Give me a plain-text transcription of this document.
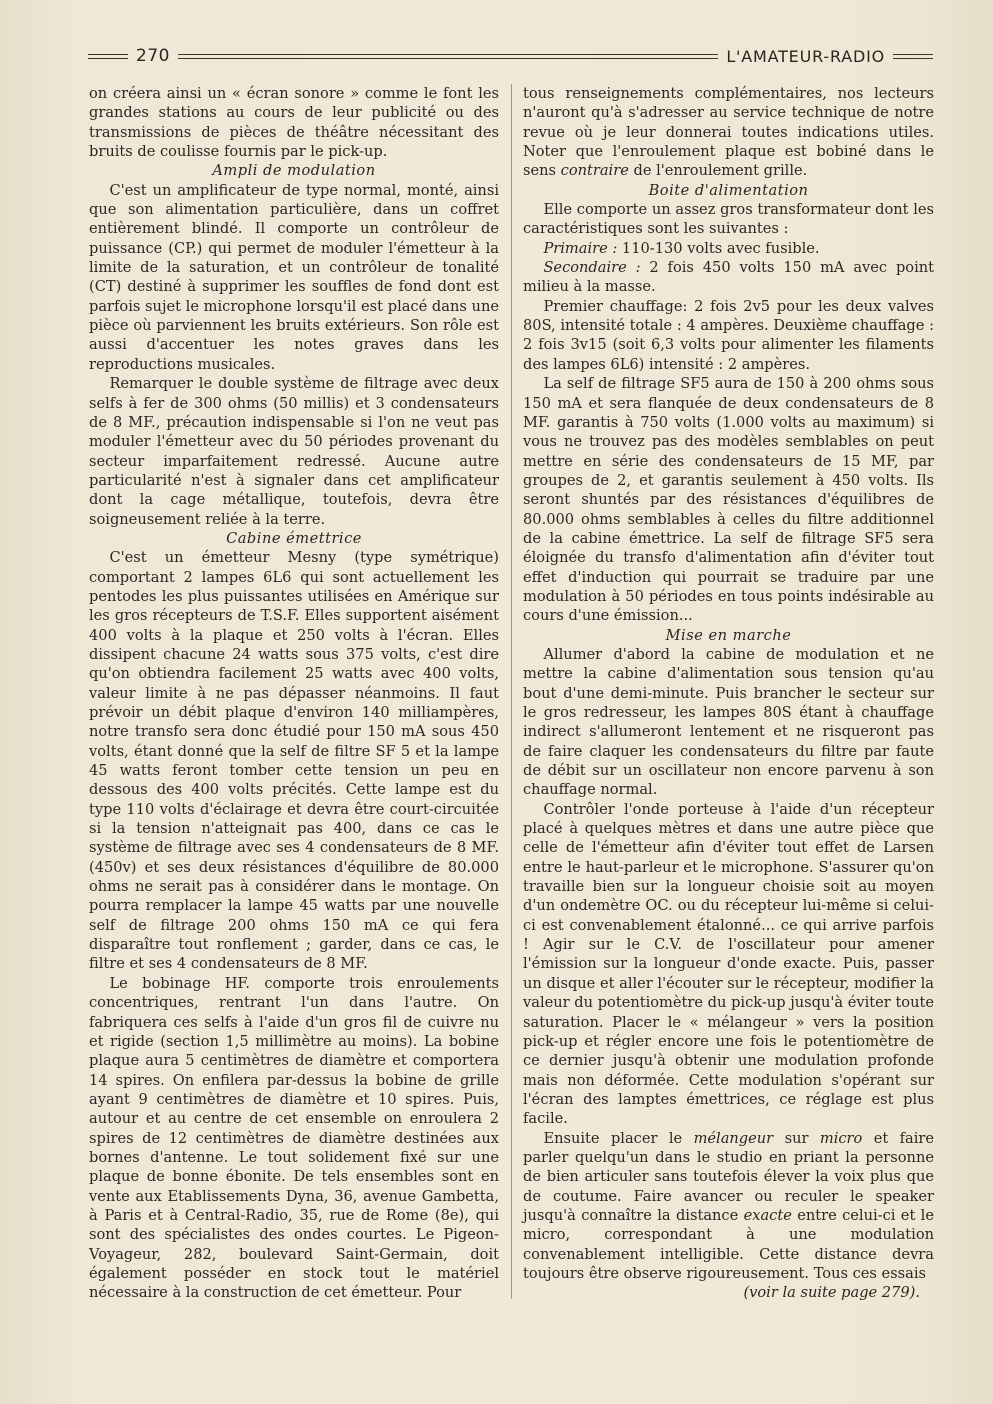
270	L'AMATEUR-RADIO

on créera ainsi un « écran sonore » comme le font les grandes stations au cours de leur publicité ou des transmissions de pièces de théâtre nécessitant des bruits de coulisse fournis par le pick-up.

Ampli de modulation

C'est un amplificateur de type normal, monté, ainsi que son alimentation particulière, dans un coffret entièrement blindé. Il comporte un contrôleur de puissance (CP.) qui permet de moduler l'émetteur à la limite de la saturation, et un contrôleur de tonalité (CT) destiné à supprimer les souffles de fond dont est parfois sujet le microphone lorsqu'il est placé dans une pièce où parviennent les bruits extérieurs. Son rôle est aussi d'accentuer les notes graves dans les reproductions musicales.

Remarquer le double système de filtrage avec deux selfs à fer de 300 ohms (50 millis) et 3 condensateurs de 8 MF., précaution indispensable si l'on ne veut pas moduler l'émetteur avec du 50 périodes provenant du secteur imparfaitement redressé. Aucune autre particularité n'est à signaler dans cet amplificateur dont la cage métallique, toutefois, devra être soigneusement reliée à la terre.

Cabine émettrice

C'est un émetteur Mesny (type symétrique) comportant 2 lampes 6L6 qui sont actuellement les pentodes les plus puissantes utilisées en Amérique sur les gros récepteurs de T.S.F. Elles supportent aisément 400 volts à la plaque et 250 volts à l'écran. Elles dissipent chacune 24 watts sous 375 volts, c'est dire qu'on obtiendra facilement 25 watts avec 400 volts, valeur limite à ne pas dépasser néanmoins. Il faut prévoir un débit plaque d'environ 140 milliampères, notre transfo sera donc étudié pour 150 mA sous 450 volts, étant donné que la self de filtre SF 5 et la lampe 45 watts feront tomber cette tension un peu en dessous des 400 volts précités. Cette lampe est du type 110 volts d'éclairage et devra être court-circuitée si la tension n'atteignait pas 400, dans ce cas le système de filtrage avec ses 4 condensateurs de 8 MF. (450v) et ses deux résistances d'équilibre de 80.000 ohms ne serait pas à considérer dans le montage. On pourra remplacer la lampe 45 watts par une nouvelle self de filtrage 200 ohms 150 mA ce qui fera disparaître tout ronflement ; garder, dans ce cas, le filtre et ses 4 condensateurs de 8 MF.

Le bobinage HF. comporte trois enroulements concentriques, rentrant l'un dans l'autre. On fabriquera ces selfs à l'aide d'un gros fil de cuivre nu et rigide (section 1,5 millimètre au moins). La bobine plaque aura 5 centimètres de diamètre et comportera 14 spires. On enfilera par-dessus la bobine de grille ayant 9 centimètres de diamètre et 10 spires. Puis, autour et au centre de cet ensemble on enroulera 2 spires de 12 centimètres de diamètre destinées aux bornes d'antenne. Le tout solidement fixé sur une plaque de bonne ébonite. De tels ensembles sont en vente aux Etablissements Dyna, 36, avenue Gambetta, à Paris et à Central-Radio, 35, rue de Rome (8e), qui sont des spécialistes des ondes courtes. Le Pigeon-Voyageur, 282, boulevard Saint-Germain, doit également posséder en stock tout le matériel nécessaire à la construction de cet émetteur. Pour

tous renseignements complémentaires, nos lecteurs n'auront qu'à s'adresser au service technique de notre revue où je leur donnerai toutes indications utiles. Noter que l'enroulement plaque est bobiné dans le sens contraire de l'enroulement grille.

Boite d'alimentation

Elle comporte un assez gros transformateur dont les caractéristiques sont les suivantes :

Primaire : 110-130 volts avec fusible.

Secondaire : 2 fois 450 volts 150 mA avec point milieu à la masse.

Premier chauffage: 2 fois 2v5 pour les deux valves 80S, intensité totale : 4 ampères. Deuxième chauffage : 2 fois 3v15 (soit 6,3 volts pour alimenter les filaments des lampes 6L6) intensité : 2 ampères.

La self de filtrage SF5 aura de 150 à 200 ohms sous 150 mA et sera flanquée de deux condensateurs de 8 MF. garantis à 750 volts (1.000 volts au maximum) si vous ne trouvez pas des modèles semblables on peut mettre en série des condensateurs de 15 MF, par groupes de 2, et garantis seulement à 450 volts. Ils seront shuntés par des résistances d'équilibres de 80.000 ohms semblables à celles du filtre additionnel de la cabine émettrice. La self de filtrage SF5 sera éloignée du transfo d'alimentation afin d'éviter tout effet d'induction qui pourrait se traduire par une modulation à 50 périodes en tous points indésirable au cours d'une émission...

Mise en marche

Allumer d'abord la cabine de modulation et ne mettre la cabine d'alimentation sous tension qu'au bout d'une demi-minute. Puis brancher le secteur sur le gros redresseur, les lampes 80S étant à chauffage indirect s'allumeront lentement et ne risqueront pas de faire claquer les condensateurs du filtre par faute de débit sur un oscillateur non encore parvenu à son chauffage normal.

Contrôler l'onde porteuse à l'aide d'un récepteur placé à quelques mètres et dans une autre pièce que celle de l'émetteur afin d'éviter tout effet de Larsen entre le haut-parleur et le microphone. S'assurer qu'on travaille bien sur la longueur choisie soit au moyen d'un ondemètre OC. ou du récepteur lui-même si celui-ci est convenablement étalonné... ce qui arrive parfois ! Agir sur le C.V. de l'oscillateur pour amener l'émission sur la longueur d'onde exacte. Puis, passer un disque et aller l'écouter sur le récepteur, modifier la valeur du potentiomètre du pick-up jusqu'à éviter toute saturation. Placer le « mélangeur » vers la position pick-up et régler encore une fois le potentiomètre de ce dernier jusqu'à obtenir une modulation profonde mais non déformée. Cette modulation s'opérant sur l'écran des lamptes émettrices, ce réglage est plus facile.

Ensuite placer le mélangeur sur micro et faire parler quelqu'un dans le studio en priant la personne de bien articuler sans toutefois élever la voix plus que de coutume. Faire avancer ou reculer le speaker jusqu'à connaître la distance exacte entre celui-ci et le micro, correspondant à une modulation convenablement intelligible. Cette distance devra toujours être observe rigoureusement. Tous ces essais

(voir la suite page 279).
